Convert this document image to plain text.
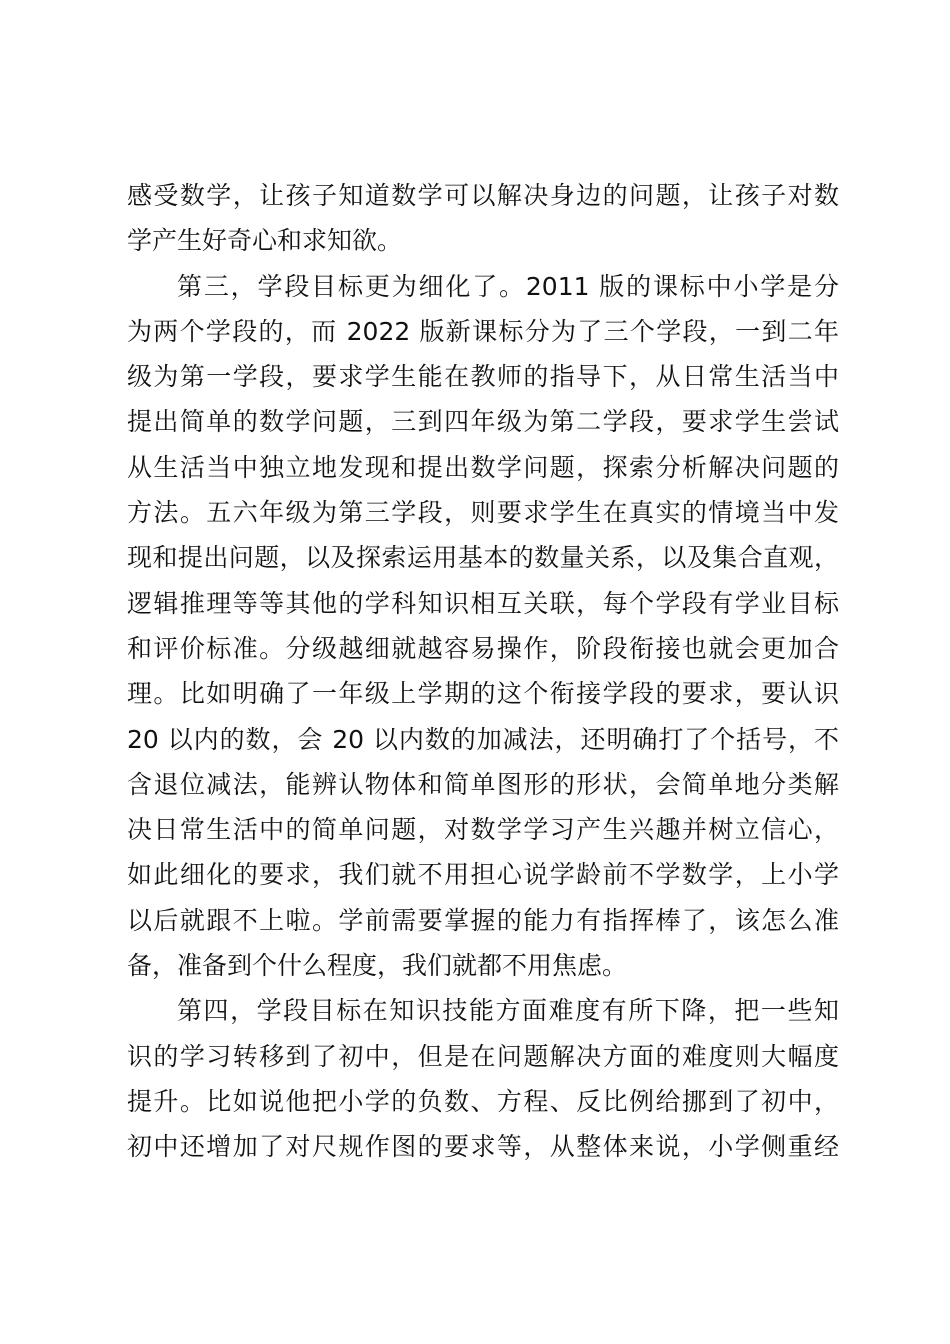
感受数学，让孩子知道数学可以解决身边的问题，让孩子对数
学产生好奇心和求知欲。
第三，学段目标更为细化了。2011 版的课标中小学是分
为两个学段的，而 2022 版新课标分为了三个学段，一到二年
级为第一学段，要求学生能在教师的指导下，从日常生活当中
提出简单的数学问题，三到四年级为第二学段，要求学生尝试
从生活当中独立地发现和提出数学问题，探索分析解决问题的
方法。五六年级为第三学段，则要求学生在真实的情境当中发
现和提出问题，以及探索运用基本的数量关系，以及集合直观，
逻辑推理等等其他的学科知识相互关联，每个学段有学业目标
和评价标准。分级越细就越容易操作，阶段衔接也就会更加合
理。比如明确了一年级上学期的这个衔接学段的要求，要认识
20 以内的数，会 20 以内数的加减法，还明确打了个括号，不
含退位减法，能辨认物体和简单图形的形状，会简单地分类解
决日常生活中的简单问题，对数学学习产生兴趣并树立信心，
如此细化的要求，我们就不用担心说学龄前不学数学，上小学
以后就跟不上啦。学前需要掌握的能力有指挥棒了，该怎么准
备，准备到个什么程度，我们就都不用焦虑。
第四，学段目标在知识技能方面难度有所下降，把一些知
识的学习转移到了初中，但是在问题解决方面的难度则大幅度
提升。比如说他把小学的负数、方程、反比例给挪到了初中，
初中还增加了对尺规作图的要求等，从整体来说，小学侧重经
